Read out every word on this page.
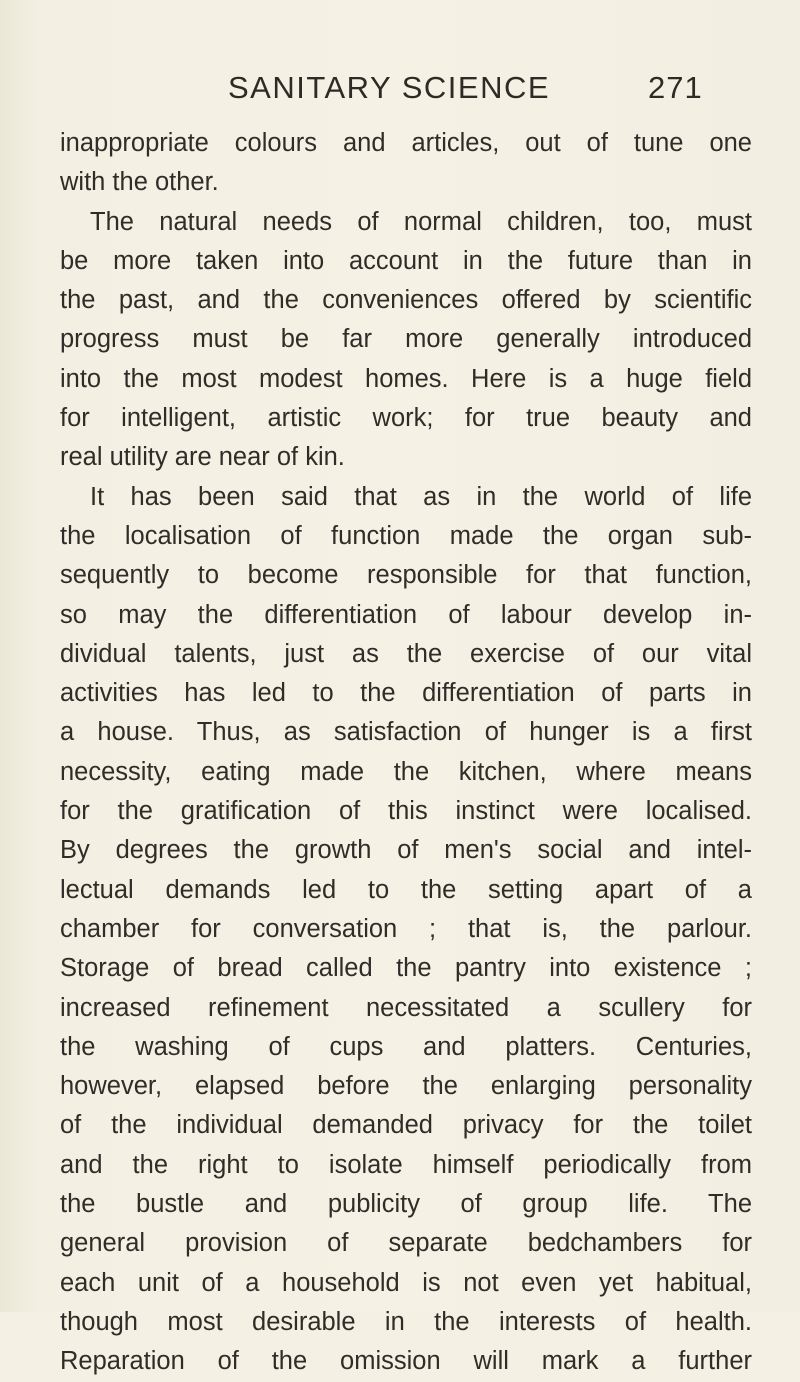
SANITARY SCIENCE	271
inappropriate colours and articles, out of tune one
with the other.
The natural needs of normal children, too, must
be more taken into account in the future than in
the past, and the conveniences offered by scientific
progress must be far more generally introduced
into the most modest homes. Here is a huge field
for intelligent, artistic work; for true beauty and
real utility are near of kin.
It has been said that as in the world of life
the localisation of function made the organ sub-
sequently to become responsible for that function,
so may the differentiation of labour develop in-
dividual talents, just as the exercise of our vital
activities has led to the differentiation of parts in
a house. Thus, as satisfaction of hunger is a first
necessity, eating made the kitchen, where means
for the gratification of this instinct were localised.
By degrees the growth of men's social and intel-
lectual demands led to the setting apart of a
chamber for conversation ; that is, the parlour.
Storage of bread called the pantry into existence ;
increased refinement necessitated a scullery for
the washing of cups and platters. Centuries,
however, elapsed before the enlarging personality
of the individual demanded privacy for the toilet
and the right to isolate himself periodically from
the bustle and publicity of group life. The
general provision of separate bedchambers for
each unit of a household is not even yet habitual,
though most desirable in the interests of health.
Reparation of the omission will mark a further
